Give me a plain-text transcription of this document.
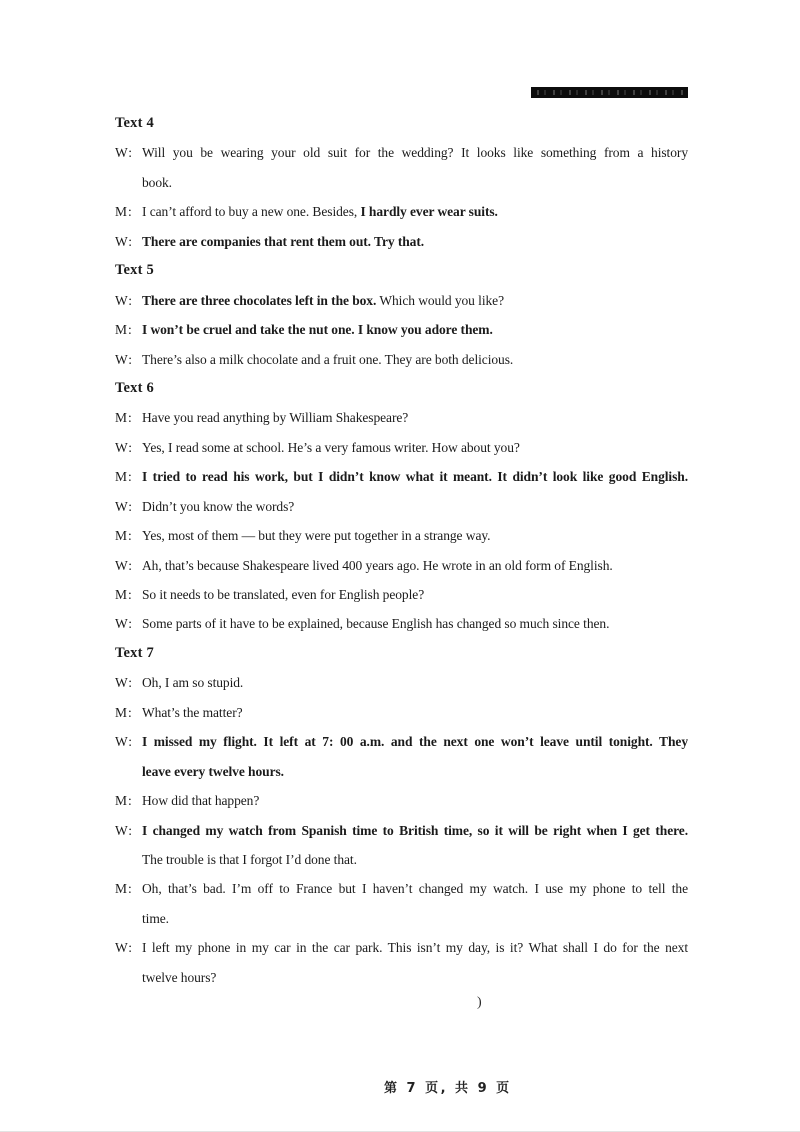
Text 4
W: Will you be wearing your old suit for the wedding? It looks like something from a history
book.
M: I can’t afford to buy a new one. Besides, I hardly ever wear suits.
W: There are companies that rent them out. Try that.
Text 5
W: There are three chocolates left in the box. Which would you like?
M: I won’t be cruel and take the nut one. I know you adore them.
W: There’s also a milk chocolate and a fruit one. They are both delicious.
Text 6
M: Have you read anything by William Shakespeare?
W: Yes, I read some at school. He’s a very famous writer. How about you?
M: I tried to read his work, but I didn’t know what it meant. It didn’t look like good English.
W: Didn’t you know the words?
M: Yes, most of them — but they were put together in a strange way.
W: Ah, that’s because Shakespeare lived 400 years ago. He wrote in an old form of English.
M: So it needs to be translated, even for English people?
W: Some parts of it have to be explained, because English has changed so much since then.
Text 7
W: Oh, I am so stupid.
M: What’s the matter?
W: I missed my flight. It left at 7: 00 a.m. and the next one won’t leave until tonight. They
leave every twelve hours.
M: How did that happen?
W: I changed my watch from Spanish time to British time, so it will be right when I get there.
The trouble is that I forgot I’d done that.
M: Oh, that’s bad. I’m off to France but I haven’t changed my watch. I use my phone to tell the
time.
W: I left my phone in my car in the car park. This isn’t my day, is it? What shall I do for the next
twelve hours?
)
第 7 页, 共 9 页
